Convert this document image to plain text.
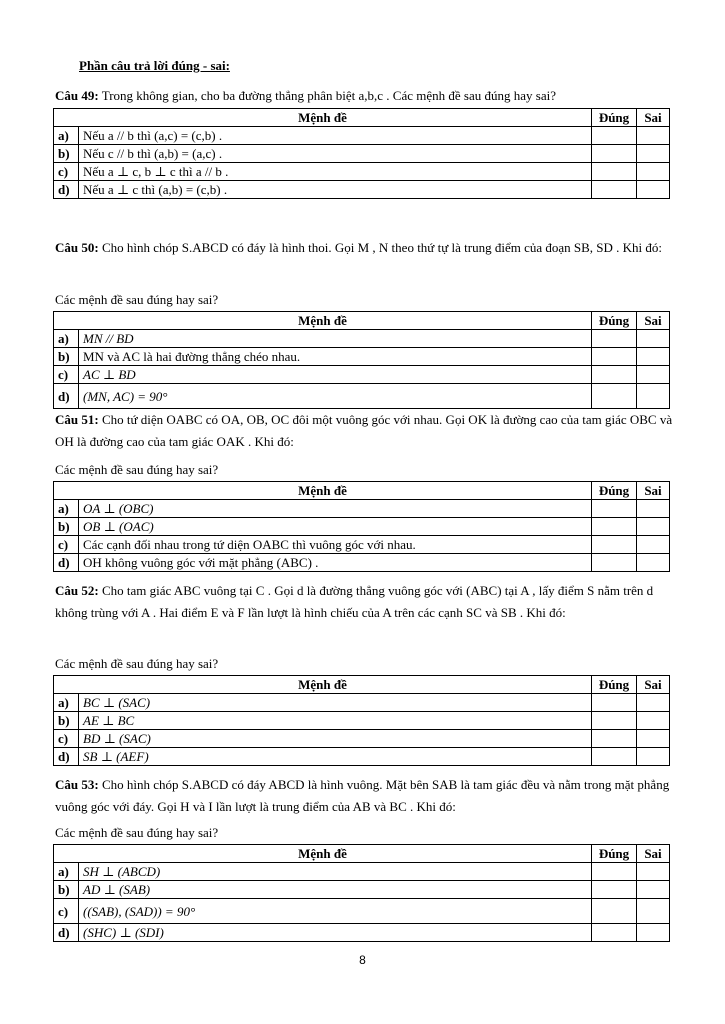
Phần câu trả lời đúng - sai:
Câu 49: Trong không gian, cho ba đường thẳng phân biệt a,b,c . Các mệnh đề sau đúng hay sai?
Mệnh đề		Đúng	Sai
a)	Nếu a // b thì (a,c) = (c,b) .		
b)	Nếu c // b thì (a,b) = (a,c) .		
c)	Nếu a ⊥ c, b ⊥ c thì a // b .		
d)	Nếu a ⊥ c thì (a,b) = (c,b) .		
Câu 50: Cho hình chóp S.ABCD có đáy là hình thoi. Gọi M , N theo thứ tự là trung điểm của đoạn SB, SD . Khi đó:
Các mệnh đề sau đúng hay sai?
Mệnh đề		Đúng	Sai
a)	MN // BD		
b)	MN và AC là hai đường thẳng chéo nhau.		
c)	AC ⊥ BD		
d)	(MN, AC) = 90°		
Câu 51: Cho tứ diện OABC có OA, OB, OC đôi một vuông góc với nhau. Gọi OK là đường cao của tam giác OBC và OH là đường cao của tam giác OAK . Khi đó:
Các mệnh đề sau đúng hay sai?
Mệnh đề		Đúng	Sai
a)	OA ⊥ (OBC)		
b)	OB ⊥ (OAC)		
c)	Các cạnh đối nhau trong tứ diện OABC thì vuông góc với nhau.		
d)	OH không vuông góc với mặt phẳng (ABC) .		
Câu 52: Cho tam giác ABC vuông tại C . Gọi d là đường thẳng vuông góc với (ABC) tại A , lấy điểm S nằm trên d không trùng với A . Hai điểm E và F lần lượt là hình chiếu của A trên các cạnh SC và SB . Khi đó:
Các mệnh đề sau đúng hay sai?
Mệnh đề		Đúng	Sai
a)	BC ⊥ (SAC)		
b)	AE ⊥ BC		
c)	BD ⊥ (SAC)		
d)	SB ⊥ (AEF)		
Câu 53: Cho hình chóp S.ABCD có đáy ABCD là hình vuông. Mặt bên SAB là tam giác đều và nằm trong mặt phẳng vuông góc với đáy. Gọi H và I lần lượt là trung điểm của AB và BC . Khi đó:
Các mệnh đề sau đúng hay sai?
Mệnh đề		Đúng	Sai
a)	SH ⊥ (ABCD)		
b)	AD ⊥ (SAB)		
c)	((SAB), (SAD)) = 90°		
d)	(SHC) ⊥ (SDI)		
8
